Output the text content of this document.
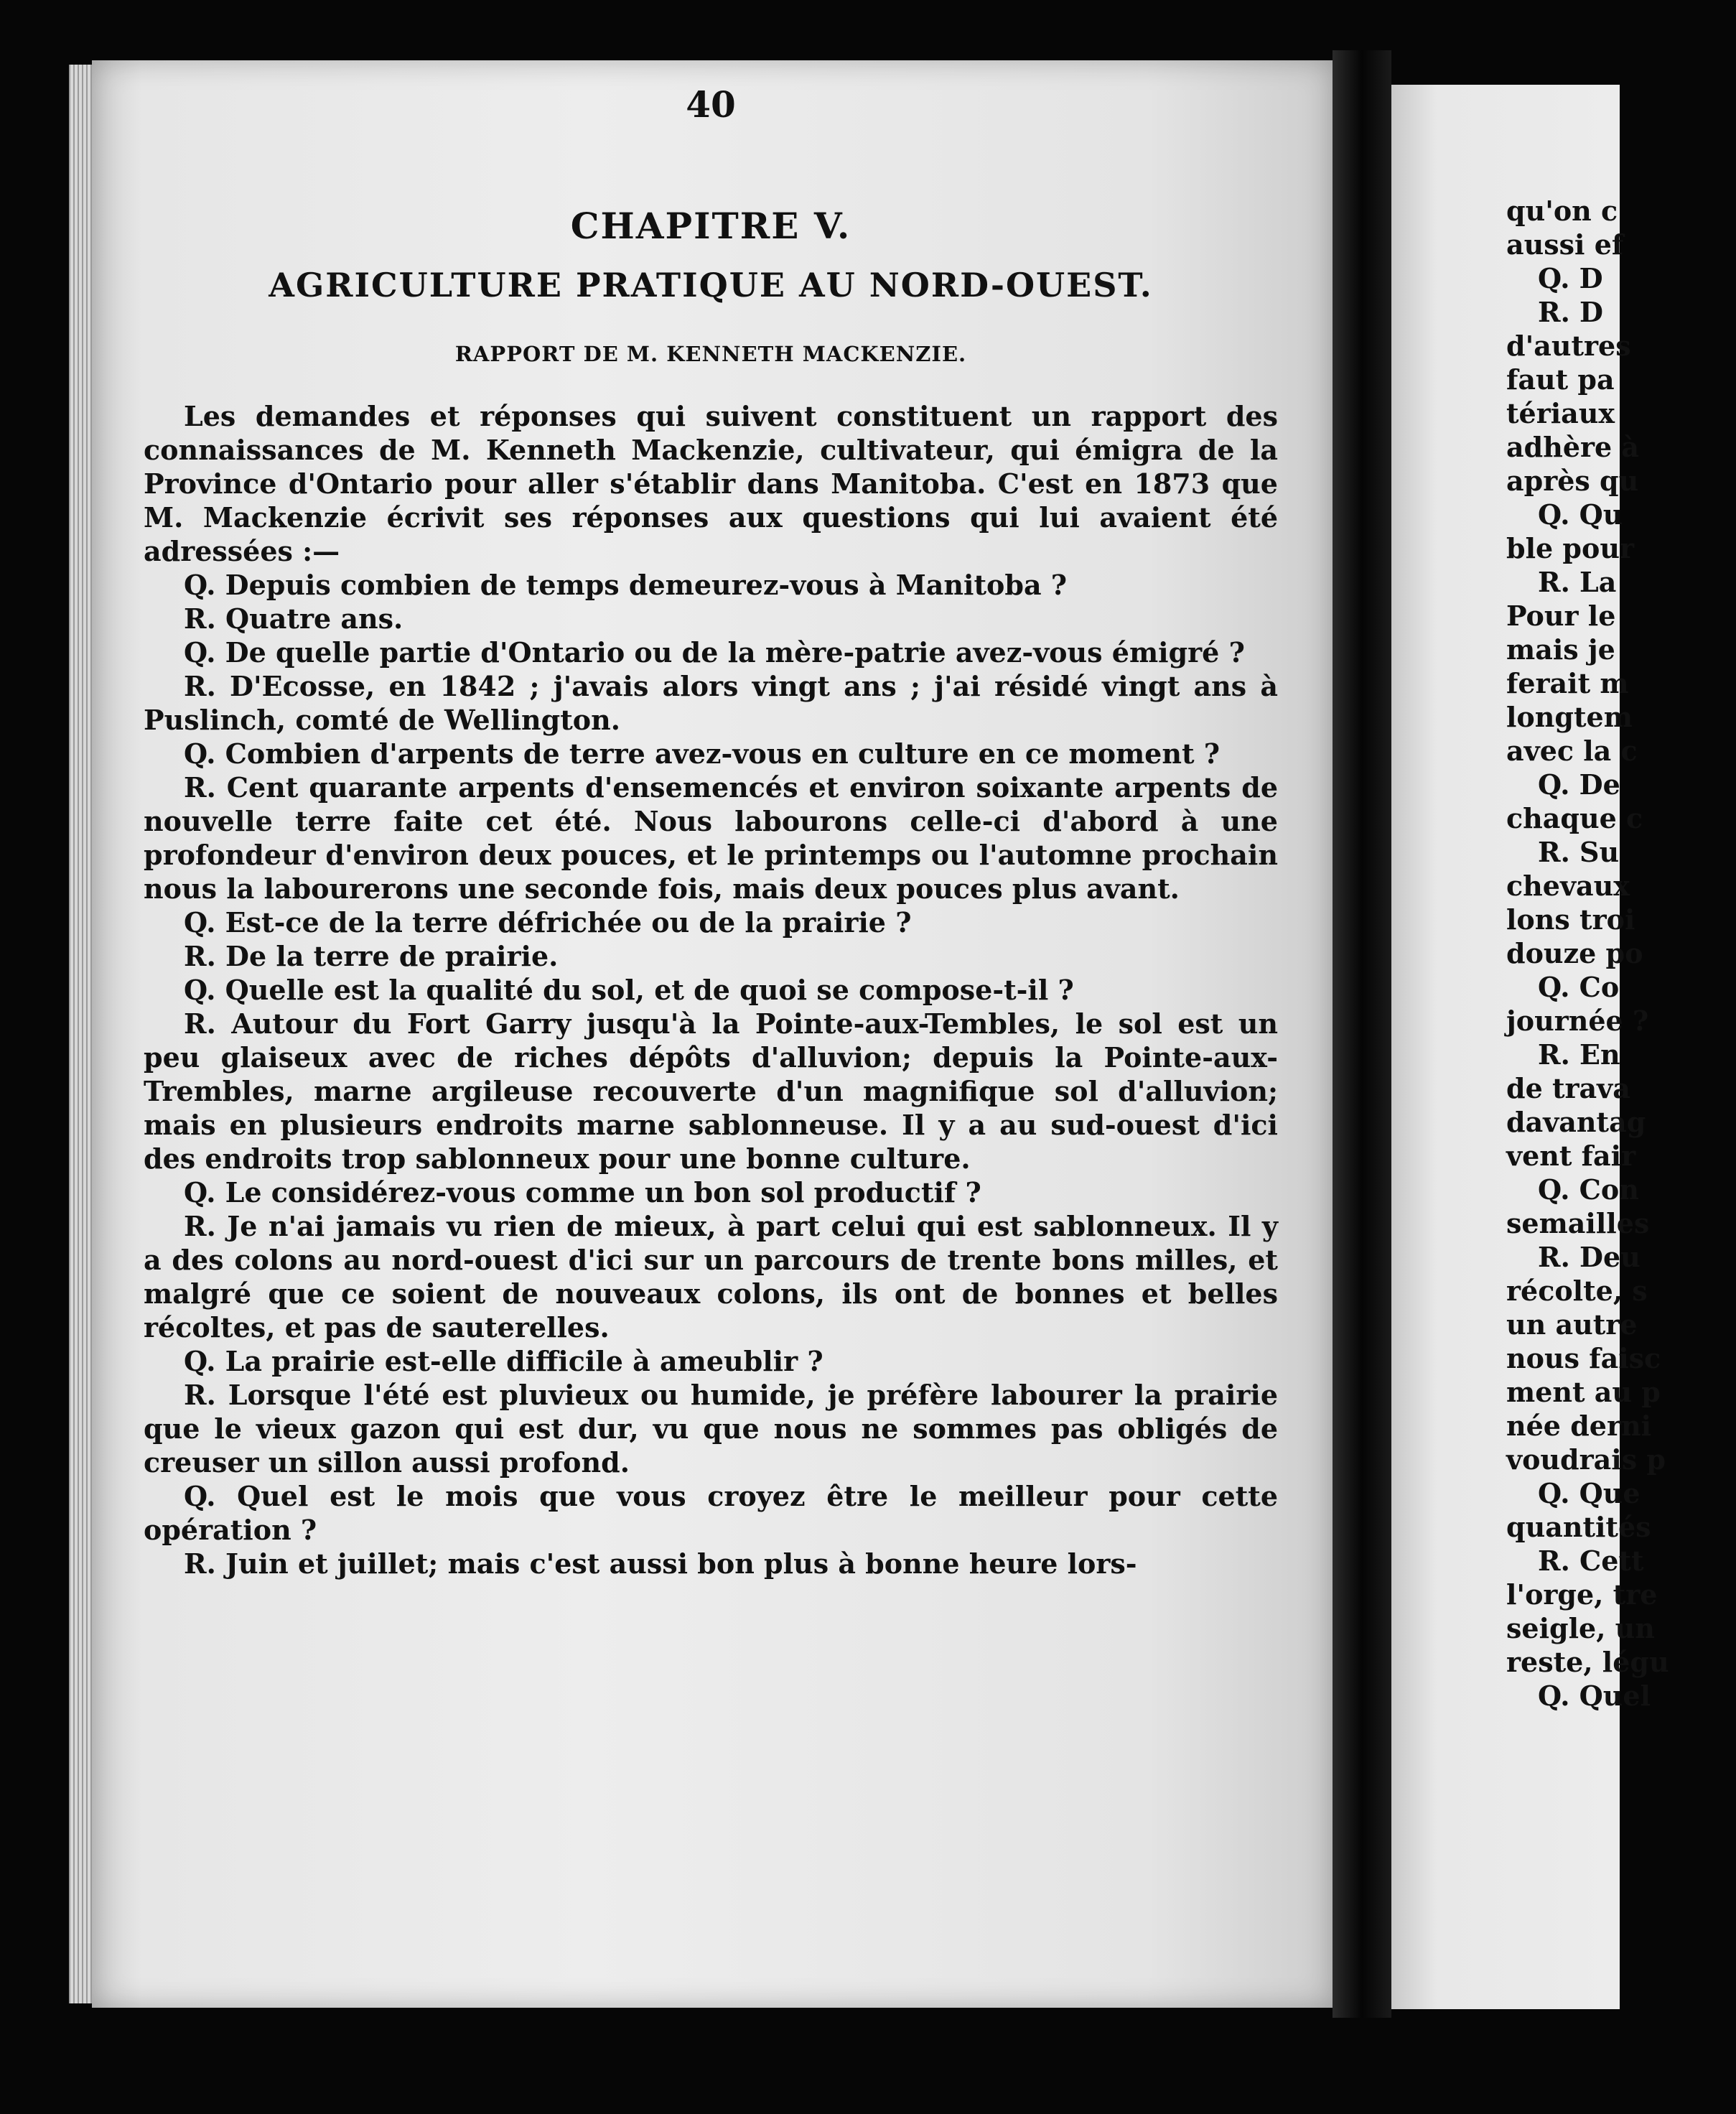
qu'on c
aussi ef
Q. D
R. D
d'autres
faut pa
tériaux
adhère à
après qu
Q. Qu
ble pour
R. La
Pour le
mais je
ferait m
longtem
avec la c
Q. De
chaque c
R. Su
chevaux
lons troi
douze po
Q. Co
journée ?
R. En
de trava
davantag
vent fair
Q. Con
semailles
R. Deu
récolte, s
un autre
nous faisc
ment au p
née derni
voudrais p
Q. Que
quantités
R. Cett
l'orge, tre
seigle, un
reste, légu
Q. Quel
40
CHAPITRE V.
AGRICULTURE PRATIQUE AU NORD-OUEST.
RAPPORT DE M. KENNETH MACKENZIE.

Les demandes et réponses qui suivent constituent un rapport des connaissances de M. Kenneth Mackenzie, cultivateur, qui émigra de la Province d'Ontario pour aller s'établir dans Manitoba. C'est en 1873 que M. Mackenzie écrivit ses réponses aux questions qui lui avaient été adressées :—

Q. Depuis combien de temps demeurez-vous à Manitoba ?

R. Quatre ans.

Q. De quelle partie d'Ontario ou de la mère-patrie avez-vous émigré ?

R. D'Ecosse, en 1842 ; j'avais alors vingt ans ; j'ai résidé vingt ans à Puslinch, comté de Wellington.

Q. Combien d'arpents de terre avez-vous en culture en ce moment ?

R. Cent quarante arpents d'ensemencés et environ soixante arpents de nouvelle terre faite cet été. Nous labourons celle-ci d'abord à une profondeur d'environ deux pouces, et le printemps ou l'automne prochain nous la labourerons une seconde fois, mais deux pouces plus avant.

Q. Est-ce de la terre défrichée ou de la prairie ?

R. De la terre de prairie.

Q. Quelle est la qualité du sol, et de quoi se compose-t-il ?

R. Autour du Fort Garry jusqu'à la Pointe-aux-Tembles, le sol est un peu glaiseux avec de riches dépôts d'alluvion; depuis la Pointe-aux-Trembles, marne argileuse recouverte d'un magnifique sol d'alluvion; mais en plusieurs endroits marne sablonneuse. Il y a au sud-ouest d'ici des endroits trop sablonneux pour une bonne culture.

Q. Le considérez-vous comme un bon sol productif ?

R. Je n'ai jamais vu rien de mieux, à part celui qui est sablonneux. Il y a des colons au nord-ouest d'ici sur un parcours de trente bons milles, et malgré que ce soient de nouveaux colons, ils ont de bonnes et belles récoltes, et pas de sauterelles.

Q. La prairie est-elle difficile à ameublir ?

R. Lorsque l'été est pluvieux ou humide, je préfère labourer la prairie que le vieux gazon qui est dur, vu que nous ne sommes pas obligés de creuser un sillon aussi profond.

Q. Quel est le mois que vous croyez être le meilleur pour cette opération ?

R. Juin et juillet; mais c'est aussi bon plus à bonne heure lors-
